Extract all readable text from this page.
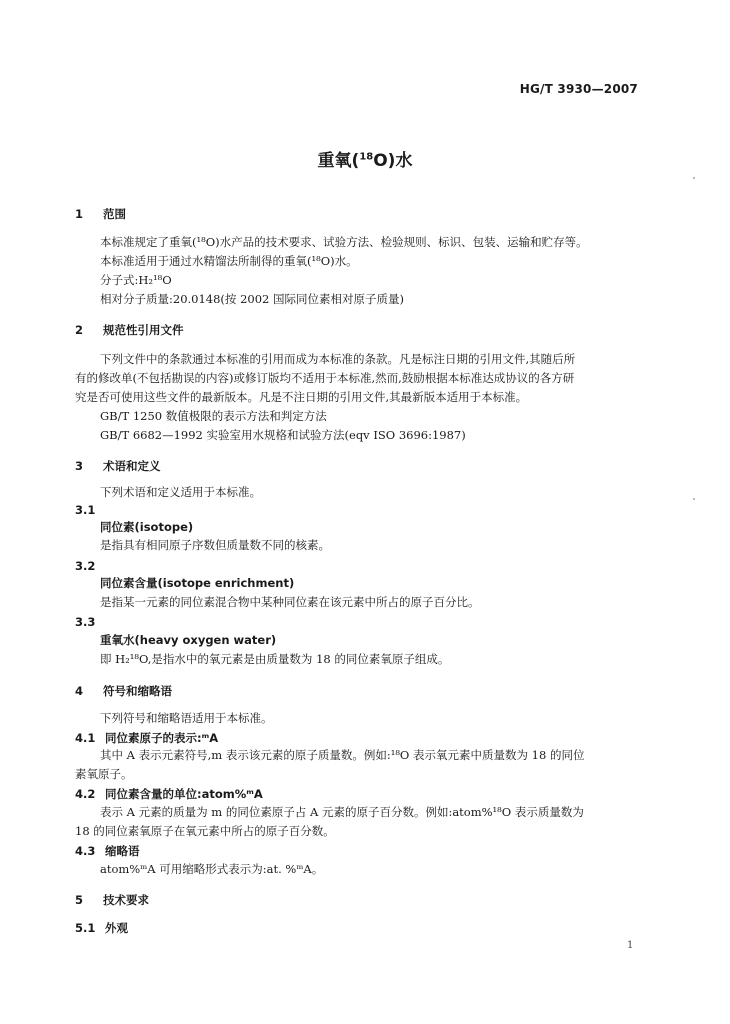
HG/T 3930—2007
重氧($^{18}$O)水
1 范围
本标准规定了重氧(¹⁸O)水产品的技术要求、试验方法、检验规则、标识、包装、运输和贮存等。
本标准适用于通过水精馏法所制得的重氧(¹⁸O)水。
分子式:H₂¹⁸O
相对分子质量:20.0148(按 2002 国际同位素相对原子质量)
2 规范性引用文件
下列文件中的条款通过本标准的引用而成为本标准的条款。凡是标注日期的引用文件,其随后所
有的修改单(不包括勘误的内容)或修订版均不适用于本标准,然而,鼓励根据本标准达成协议的各方研
究是否可使用这些文件的最新版本。凡是不注日期的引用文件,其最新版本适用于本标准。
GB/T 1250 数值极限的表示方法和判定方法
GB/T 6682—1992 实验室用水规格和试验方法(eqv ISO 3696:1987)
3 术语和定义
下列术语和定义适用于本标准。
3.1
同位素(isotope)
是指具有相同原子序数但质量数不同的核素。
3.2
同位素含量(isotope enrichment)
是指某一元素的同位素混合物中某种同位素在该元素中所占的原子百分比。
3.3
重氧水(heavy oxygen water)
即 H₂¹⁸O,是指水中的氧元素是由质量数为 18 的同位素氧原子组成。
4 符号和缩略语
下列符号和缩略语适用于本标准。
4.1 同位素原子的表示:ᵐA
其中 A 表示元素符号,m 表示该元素的原子质量数。例如:¹⁸O 表示氧元素中质量数为 18 的同位
素氧原子。
4.2 同位素含量的单位:atom%ᵐA
表示 A 元素的质量为 m 的同位素原子占 A 元素的原子百分数。例如:atom%¹⁸O 表示质量数为
18 的同位素氧原子在氧元素中所占的原子百分数。
4.3 缩略语
atom%ᵐA 可用缩略形式表示为:at. %ᵐA。
5 技术要求
5.1 外观
1
